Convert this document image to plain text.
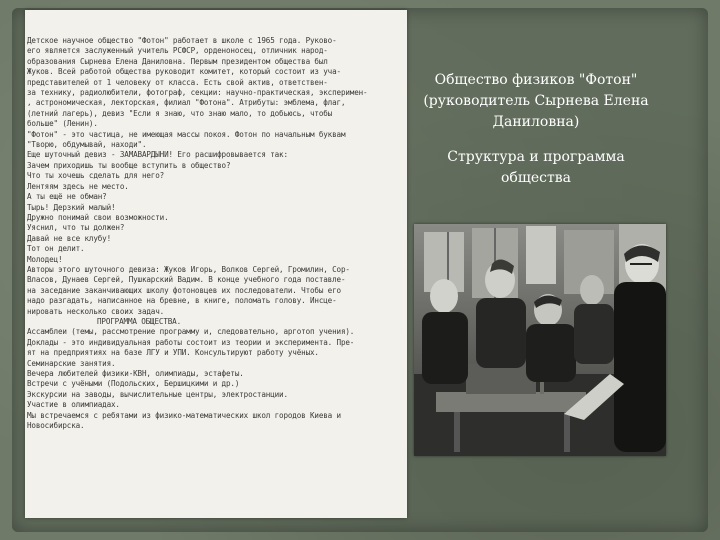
Детское научное общество "Фотон" работает в школе с 1965 года. Руково-
его является заслуженный учитель РСФСР, орденоносец, отличник народ-
образования Сырнева Елена Даниловна. Первым президентом общества был
Жуков. Всей работой общества руководит комитет, который состоит из уча-
представителей от 1 человеку от класса. Есть свой актив, ответствен-
за технику, радиолюбители, фотограф, секции: научно-практическая, эксперимен-
, астрономическая, лекторская, филиал "Фотона". Атрибуты: эмблема, флаг,
(летний лагерь), девиз "Если я знаю, что знаю мало, то добьюсь, чтобы
больше" (Ленин).
"Фотон" - это частица, не имеющая массы покоя. Фотон по начальным буквам
"Творю, обдумывай, находи".
Еще шуточный девиз - ЗАМАВАРДЫНИ! Его расшифровывается так:
Зачем приходишь ты вообще вступить в общество?
Что ты хочешь сделать для него?
Лентяям здесь не место.
А ты ещё не обман?
Тырь! Дерзкий малый!
Дружно понимай свои возможности.
Уяснил, что ты должен?
Давай не все клубу!
Тот он делит.
Молодец!
Авторы этого шуточного девиза: Жуков Игорь, Волков Сергей, Громилин, Сор-
Власов, Дунаев Сергей, Пушкарский Вадим. В конце учебного года поставле-
на заседание заканчивающих школу фотоновцев их последователи. Чтобы его
надо разгадать, написанное на бревне, в книге, поломать голову. Инсце-
нировать несколько своих задач.
ПРОГРАММА ОБЩЕСТВА.
Ассамблеи (темы, рассмотрение программу и, следовательно, арготоп учения).
Доклады - это индивидуальная работы состоит из теории и эксперимента. Пре-
ят на предприятиях на базе ЛГУ и УПИ. Консультируют работу учёных.
Семинарские занятия.
Вечера любителей физики-КВН, олимпиады, эстафеты.
Встречи с учёными (Подольских, Бершицкими и др.)
Экскурсии на заводы, вычислительные центры, электростанции.
Участие в олимпиадах.
Мы встречаемся с ребятами из физико-математических школ городов Киева и
Новосибирска.

Общество физиков "Фотон" (руководитель Сырнева Елена Даниловна)

Структура и программа общества
